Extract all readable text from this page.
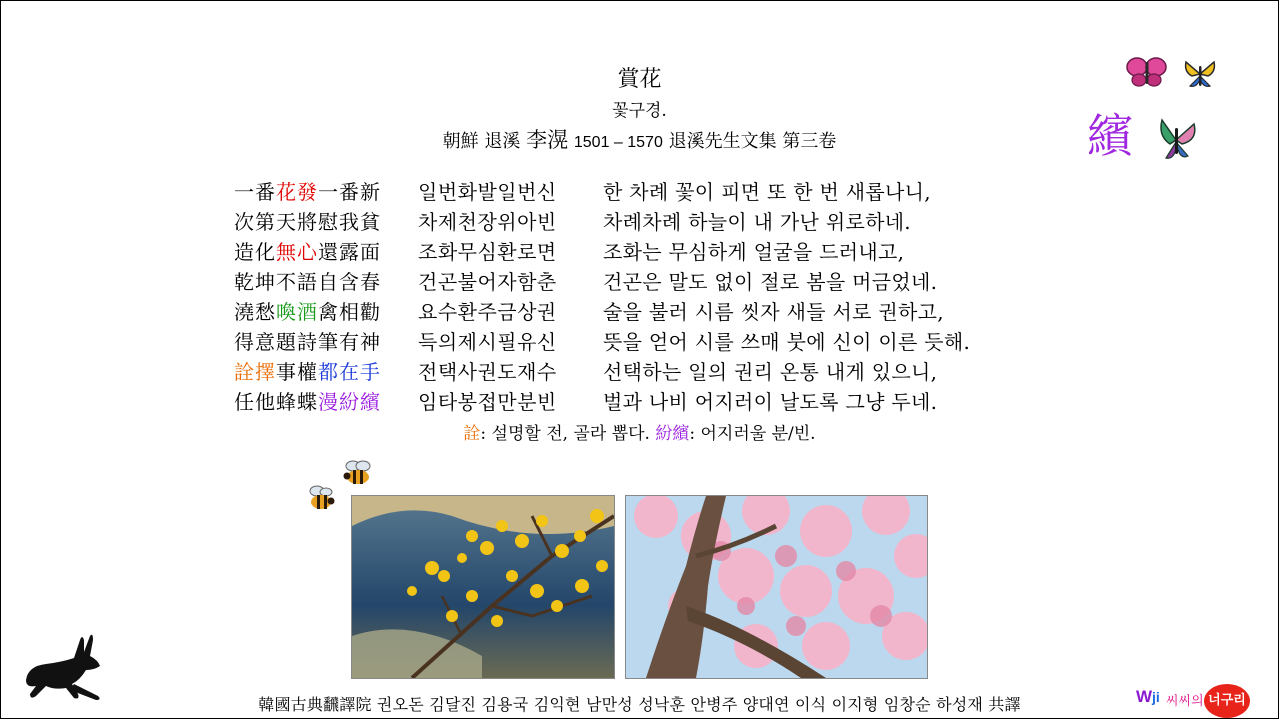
賞花
꽃구경.
朝鮮 退溪 李滉 1501 – 1570 退溪先生文集 第三卷	繽
一番花發一番新
次第天將慰我貧
造化無心還露面
乾坤不語自含春
澆愁喚酒禽相勸
得意題詩筆有神
詮擇事權都在手
任他蜂蝶漫紛繽
일번화발일번신
차제천장위아빈
조화무심환로면
건곤불어자함춘
요수환주금상권
득의제시필유신
전택사권도재수
임타봉접만분빈
한 차례 꽃이 피면 또 한 번 새롭나니,
차례차례 하늘이 내 가난 위로하네.
조화는 무심하게 얼굴을 드러내고,
건곤은 말도 없이 절로 봄을 머금었네.
술을 불러 시름 씻자 새들 서로 권하고,
뜻을 얻어 시를 쓰매 붓에 신이 이른 듯해.
선택하는 일의 권리 온통 내게 있으니,
벌과 나비 어지러이 날도록 그냥 두네.
詮: 설명할 전, 골라 뽑다. 紛繽: 어지러울 분/빈.
韓國古典飜譯院 권오돈 김달진 김용국 김익현 남만성 성낙훈 안병주 양대연 이식 이지형 임창순 하성재 共譯	Wji 씨씨의 너구리
